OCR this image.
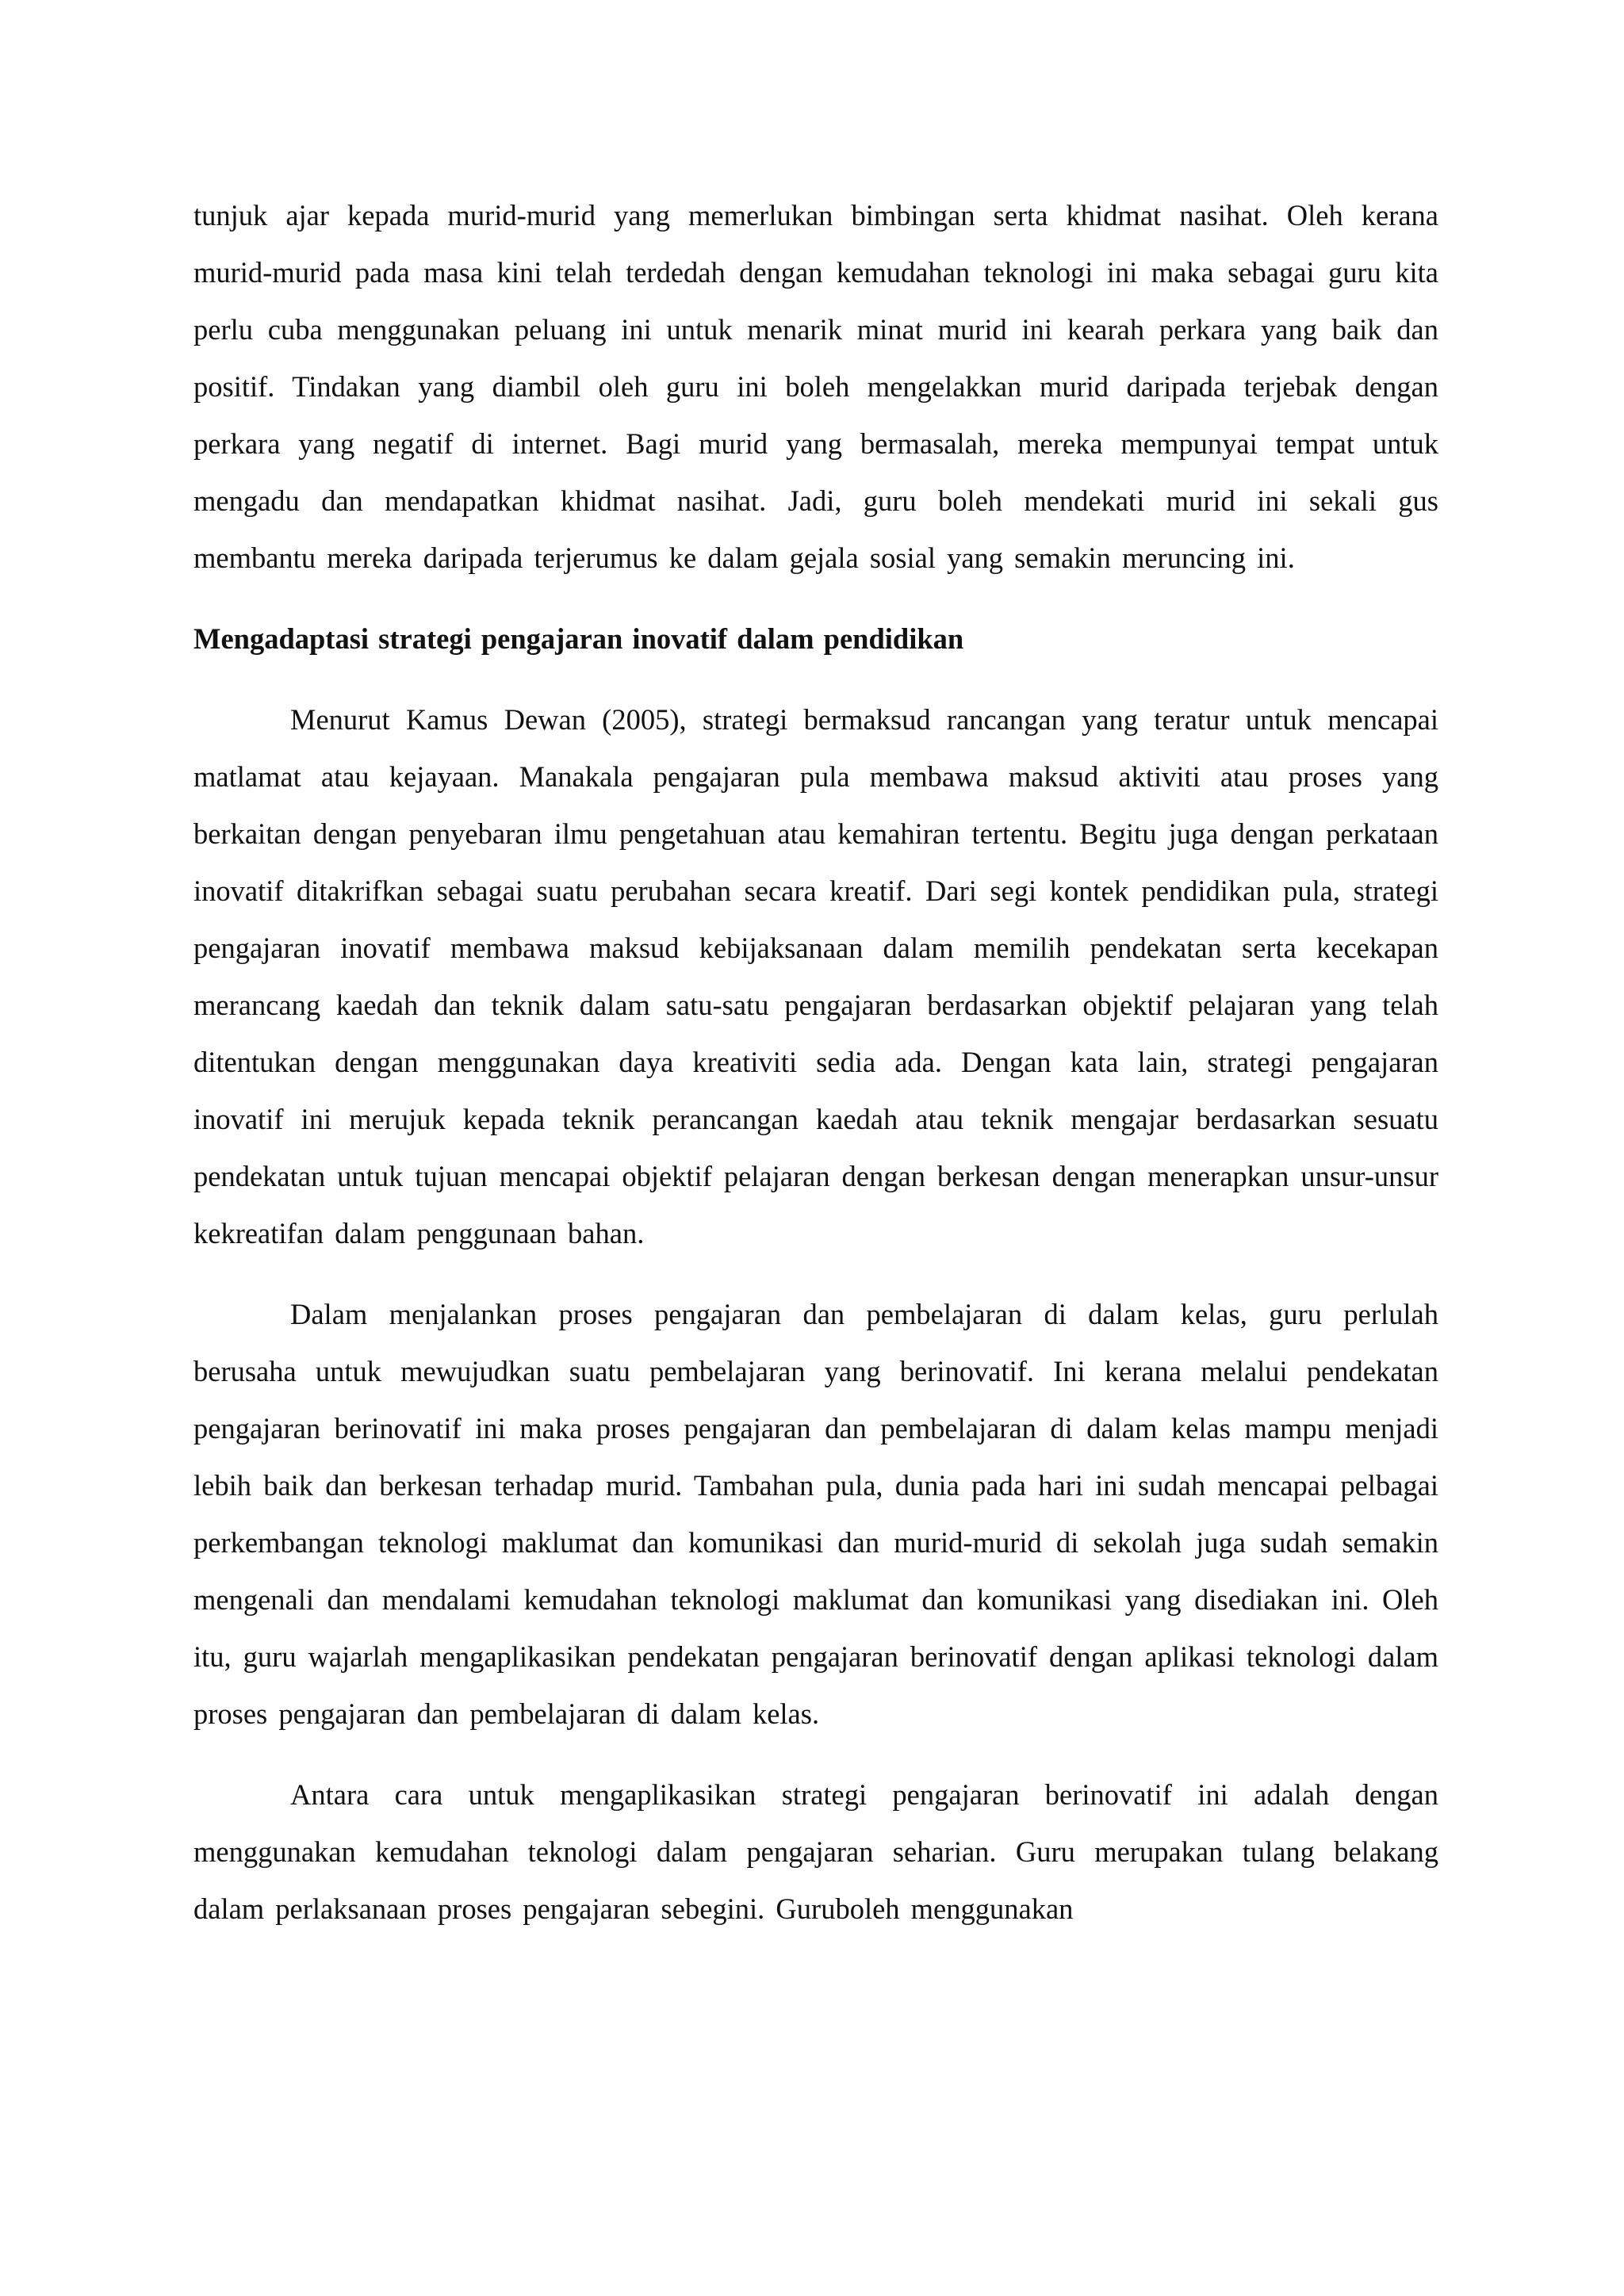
tunjuk ajar kepada murid-murid yang memerlukan bimbingan serta khidmat nasihat. Oleh kerana murid-murid pada masa kini telah terdedah dengan kemudahan teknologi ini maka sebagai guru kita perlu cuba menggunakan peluang ini untuk menarik minat murid ini kearah perkara yang baik dan positif. Tindakan yang diambil oleh guru ini boleh mengelakkan murid daripada terjebak dengan perkara yang negatif di internet. Bagi murid yang bermasalah, mereka mempunyai tempat untuk mengadu dan mendapatkan khidmat nasihat. Jadi, guru boleh mendekati murid ini sekali gus membantu mereka daripada terjerumus ke dalam gejala sosial yang semakin meruncing ini.

Mengadaptasi strategi pengajaran inovatif dalam pendidikan

Menurut Kamus Dewan (2005), strategi bermaksud rancangan yang teratur untuk mencapai matlamat atau kejayaan. Manakala pengajaran pula membawa maksud aktiviti atau proses yang berkaitan dengan penyebaran ilmu pengetahuan atau kemahiran tertentu. Begitu juga dengan perkataan inovatif ditakrifkan sebagai suatu perubahan secara kreatif. Dari segi kontek pendidikan pula, strategi pengajaran inovatif membawa maksud kebijaksanaan dalam memilih pendekatan serta kecekapan merancang kaedah dan teknik dalam satu-satu pengajaran berdasarkan objektif pelajaran yang telah ditentukan dengan menggunakan daya kreativiti sedia ada. Dengan kata lain, strategi pengajaran inovatif ini merujuk kepada teknik perancangan kaedah atau teknik mengajar berdasarkan sesuatu pendekatan untuk tujuan mencapai objektif pelajaran dengan berkesan dengan menerapkan unsur-unsur kekreatifan dalam penggunaan bahan.

Dalam menjalankan proses pengajaran dan pembelajaran di dalam kelas, guru perlulah berusaha untuk mewujudkan suatu pembelajaran yang berinovatif. Ini kerana melalui pendekatan pengajaran berinovatif ini maka proses pengajaran dan pembelajaran di dalam kelas mampu menjadi lebih baik dan berkesan terhadap murid. Tambahan pula, dunia pada hari ini sudah mencapai pelbagai perkembangan teknologi maklumat dan komunikasi dan murid-murid di sekolah juga sudah semakin mengenali dan mendalami kemudahan teknologi maklumat dan komunikasi yang disediakan ini. Oleh itu, guru wajarlah mengaplikasikan pendekatan pengajaran berinovatif dengan aplikasi teknologi dalam proses pengajaran dan pembelajaran di dalam kelas.

Antara cara untuk mengaplikasikan strategi pengajaran berinovatif ini adalah dengan menggunakan kemudahan teknologi dalam pengajaran seharian. Guru merupakan tulang belakang dalam perlaksanaan proses pengajaran sebegini. Guruboleh menggunakan
